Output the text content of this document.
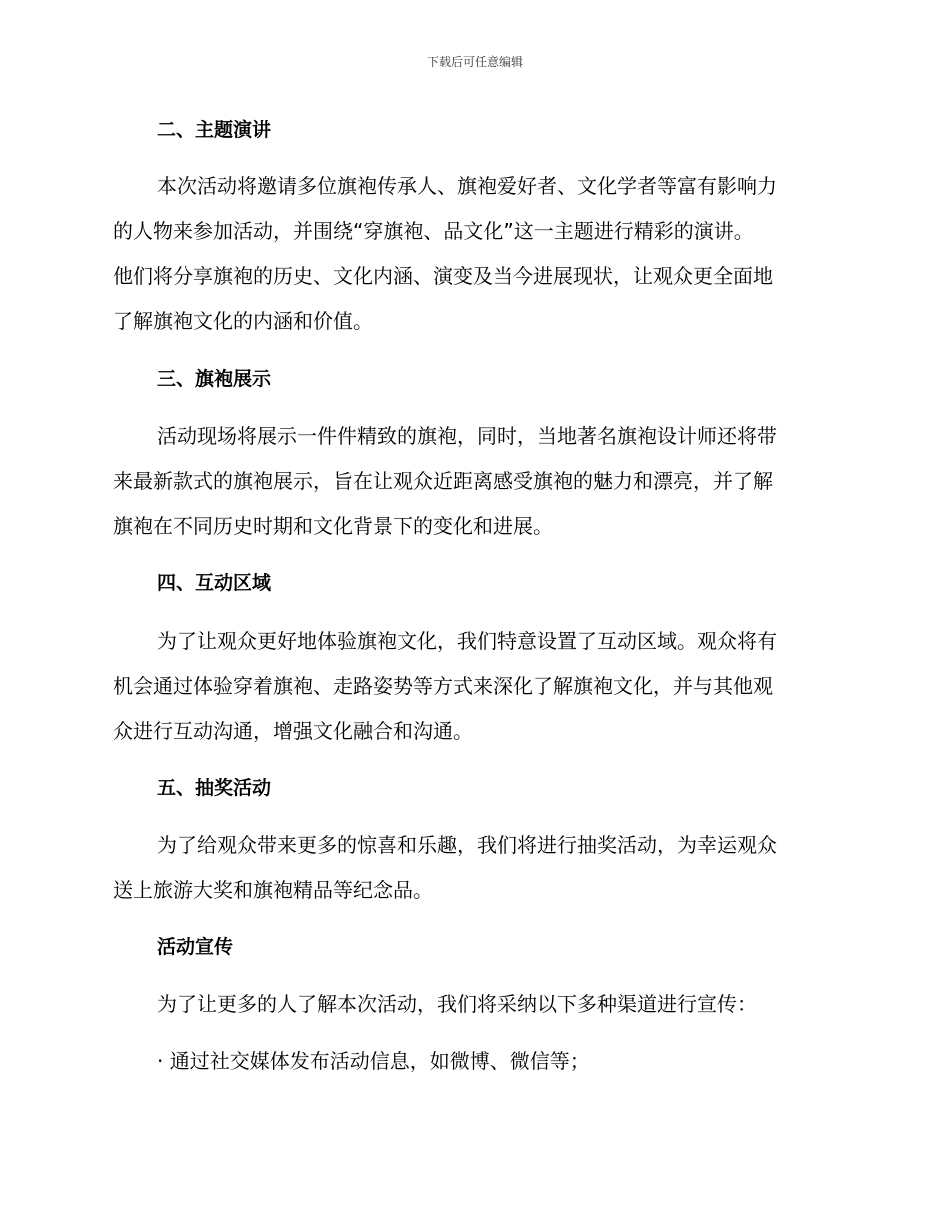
下载后可任意编辑
二、主题演讲
本次活动将邀请多位旗袍传承人、旗袍爱好者、文化学者等富有影响力
的人物来参加活动，并围绕“穿旗袍、品文化”这一主题进行精彩的演讲。
他们将分享旗袍的历史、文化内涵、演变及当今进展现状，让观众更全面地
了解旗袍文化的内涵和价值。
三、旗袍展示
活动现场将展示一件件精致的旗袍，同时，当地著名旗袍设计师还将带
来最新款式的旗袍展示，旨在让观众近距离感受旗袍的魅力和漂亮，并了解
旗袍在不同历史时期和文化背景下的变化和进展。
四、互动区域
为了让观众更好地体验旗袍文化，我们特意设置了互动区域。观众将有
机会通过体验穿着旗袍、走路姿势等方式来深化了解旗袍文化，并与其他观
众进行互动沟通，增强文化融合和沟通。
五、抽奖活动
为了给观众带来更多的惊喜和乐趣，我们将进行抽奖活动，为幸运观众
送上旅游大奖和旗袍精品等纪念品。
活动宣传
为了让更多的人了解本次活动，我们将采纳以下多种渠道进行宣传：
· 通过社交媒体发布活动信息，如微博、微信等；
